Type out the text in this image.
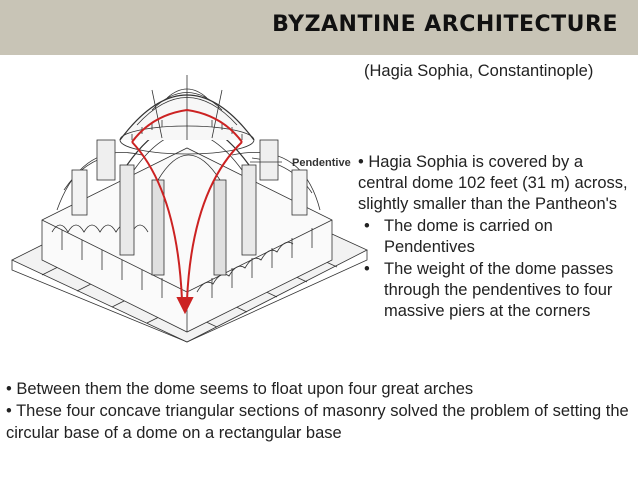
BYZANTINE ARCHITECTURE
(Hagia Sophia, Constantinople)
Pendentive • Hagia Sophia is covered by a central dome 102 feet (31 m) across, slightly smaller than the Pantheon's

• The dome is carried on Pendentives

• The weight of the dome passes through the pendentives to four massive piers at the corners

• Between them the dome seems to float upon four great arches

• These four concave triangular sections of masonry solved the problem of setting the circular base of a dome on a rectangular base
